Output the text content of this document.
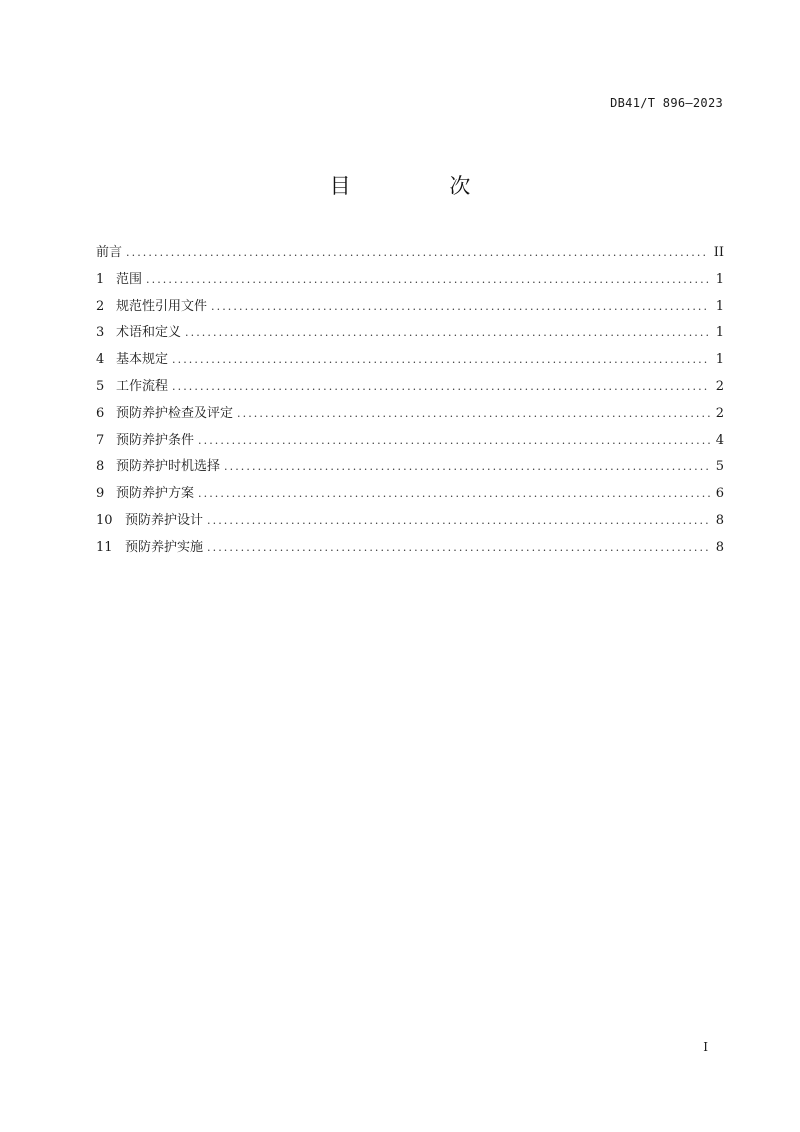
DB41/T 896—2023
目 次
前言 .....	II
1 范围 .....	1
2 规范性引用文件 .....	1
3 术语和定义 .....	1
4 基本规定 .....	1
5 工作流程 .....	2
6 预防养护检查及评定 .....	2
7 预防养护条件 .....	4
8 预防养护时机选择 .....	5
9 预防养护方案 .....	6
10 预防养护设计 .....	8
11 预防养护实施 .....	8
I
